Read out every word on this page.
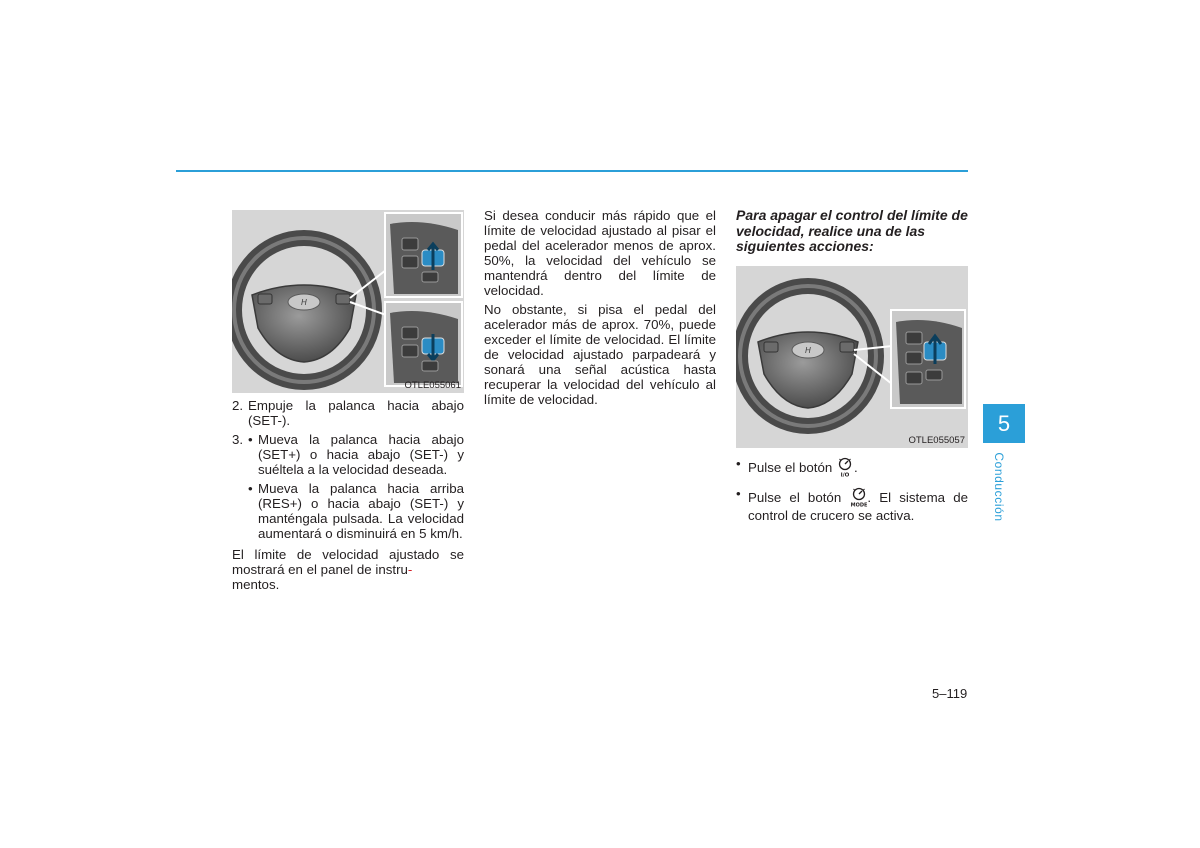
H
OTLE055061
2. Empuje la palanca hacia abajo (SET-).

3. • Mueva la palanca hacia abajo (SET+) o hacia abajo (SET-) y suéltela a la velocidad deseada.

• Mueva la palanca hacia arriba (RES+) o hacia abajo (SET-) y manténgala pulsada. La velocidad aumentará o disminuirá en 5 km/h.

El límite de velocidad ajustado se mostrará en el panel de instru-
mentos.

Si desea conducir más rápido que el límite de velocidad ajustado al pisar el pedal del acelerador menos de aprox. 50%, la velocidad del vehículo se mantendrá dentro del límite de velocidad.

No obstante, si pisa el pedal del acelerador más de aprox. 70%, puede exceder el límite de velocidad. El límite de velocidad ajustado parpadeará y sonará una señal acústica hasta recuperar la velocidad del vehículo al límite de velocidad.

Para apagar el control del límite de velocidad, realice una de las siguientes acciones:

H
OTLE055057
• Pulse el botón
I/O
.

• Pulse el botón
MODE
. El sistema de control de crucero se activa.

5
Conducción
5–119
